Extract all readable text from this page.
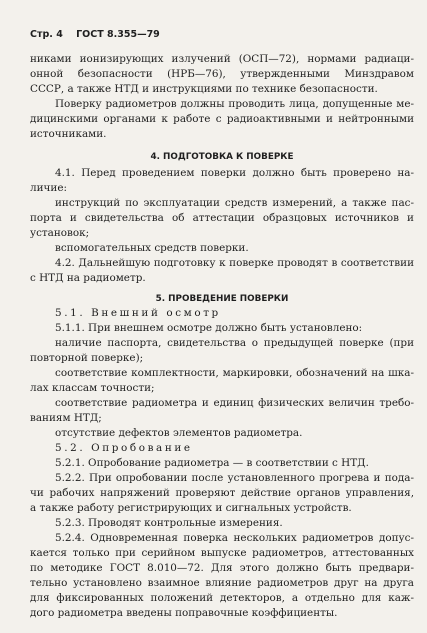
Стр. 4 ГОСТ 8.355—79
никами ионизирующих излучений (ОСП—72), нормами радиаци-
онной безопасности (НРБ—76), утвержденными Минздравом
СССР, а также НТД и инструкциями по технике безопасности.
Поверку радиометров должны проводить лица, допущенные ме-
дицинскими органами к работе с радиоактивными и нейтронными
источниками.
4. ПОДГОТОВКА К ПОВЕРКЕ
4.1. Перед проведением поверки должно быть проверено на-
личие:
инструкций по эксплуатации средств измерений, а также пас-
порта и свидетельства об аттестации образцовых источников и
установок;
вспомогательных средств поверки.
4.2. Дальнейшую подготовку к поверке проводят в соответствии
с НТД на радиометр.
5. ПРОВЕДЕНИЕ ПОВЕРКИ
5.1. Внешний осмотр
5.1.1. При внешнем осмотре должно быть установлено:
наличие паспорта, свидетельства о предыдущей поверке (при
повторной поверке);
соответствие комплектности, маркировки, обозначений на шка-
лах классам точности;
соответствие радиометра и единиц физических величин требо-
ваниям НТД;
отсутствие дефектов элементов радиометра.
5.2. Опробование
5.2.1. Опробование радиометра — в соответствии с НТД.
5.2.2. При опробовании после установленного прогрева и пода-
чи рабочих напряжений проверяют действие органов управления,
а также работу регистрирующих и сигнальных устройств.
5.2.3. Проводят контрольные измерения.
5.2.4. Одновременная поверка нескольких радиометров допус-
кается только при серийном выпуске радиометров, аттестованных
по методике ГОСТ 8.010—72. Для этого должно быть предвари-
тельно установлено взаимное влияние радиометров друг на друга
для фиксированных положений детекторов, а отдельно для каж-
дого радиометра введены поправочные коэффициенты.
